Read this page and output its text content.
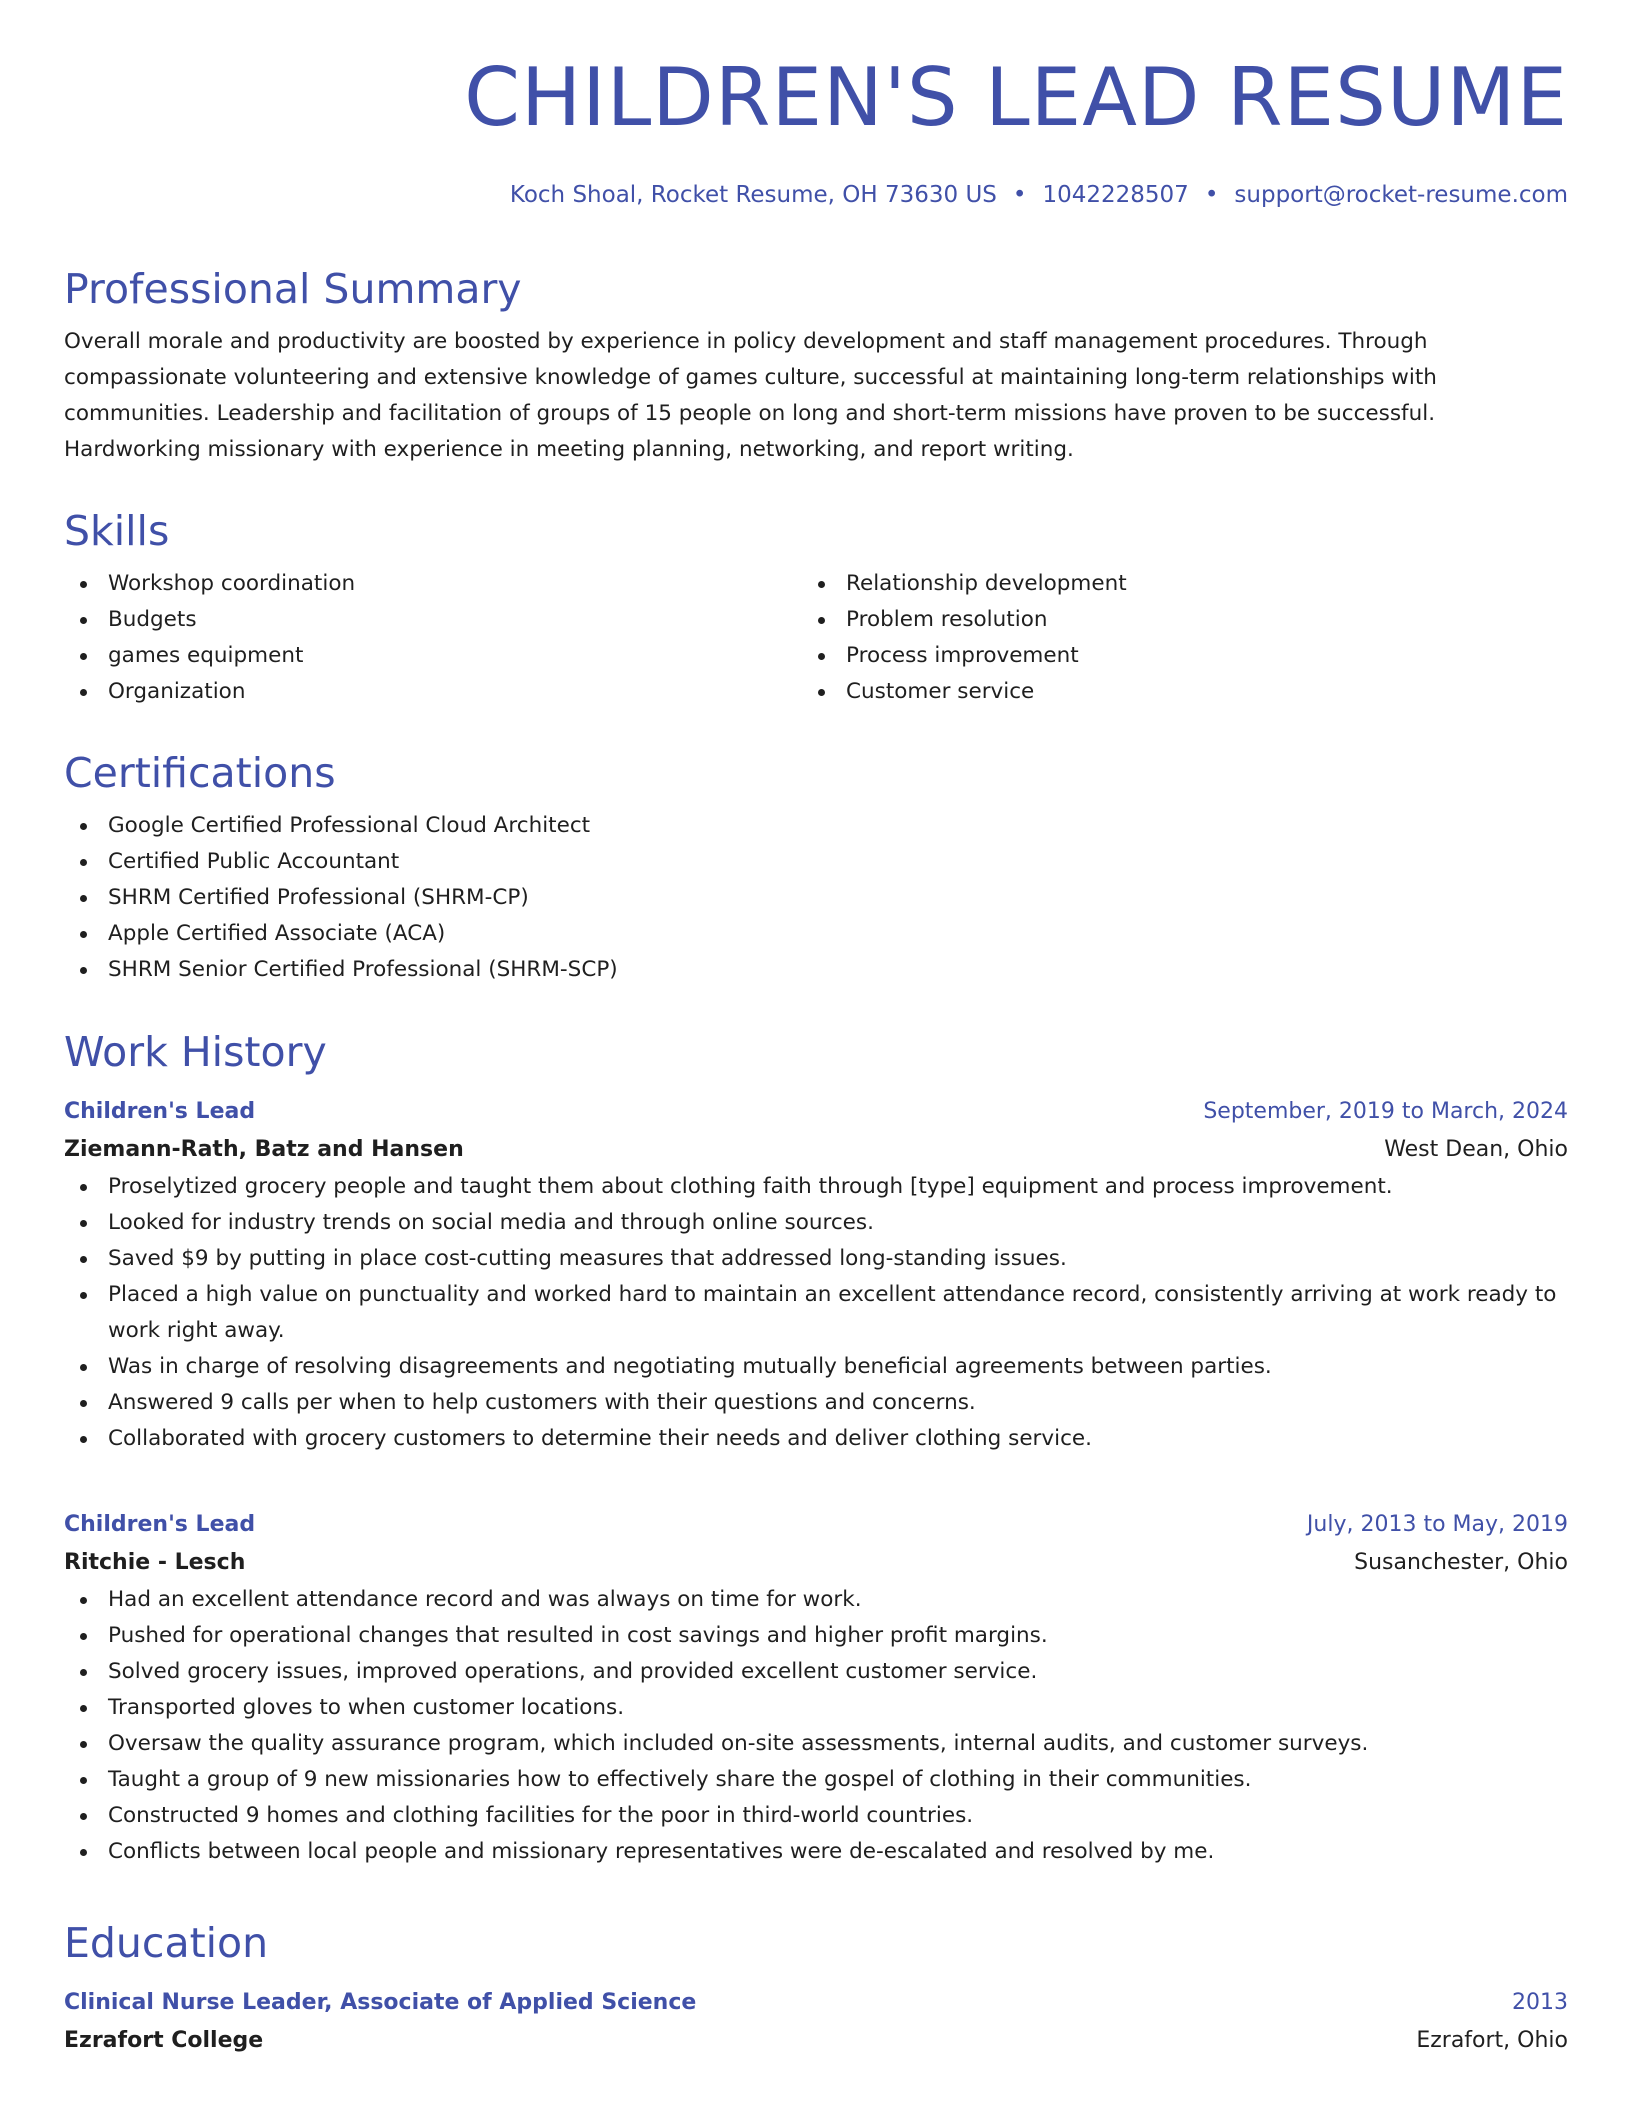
CHILDREN'S LEAD RESUME
Koch Shoal, Rocket Resume, OH 73630 US • 1042228507 • support@rocket-resume.com
Professional Summary

Overall morale and productivity are boosted by experience in policy development and staff management procedures. Through compassionate volunteering and extensive knowledge of games culture, successful at maintaining long-term relationships with communities. Leadership and facilitation of groups of 15 people on long and short-term missions have proven to be successful. Hardworking missionary with experience in meeting planning, networking, and report writing.

Skills
Workshop coordination
Budgets
games equipment
Organization
Relationship development
Problem resolution
Process improvement
Customer service
Certifications
Google Certified Professional Cloud Architect
Certified Public Accountant
SHRM Certified Professional (SHRM-CP)
Apple Certified Associate (ACA)
SHRM Senior Certified Professional (SHRM-SCP)
Work History
Children's Lead	September, 2019 to March, 2024
Ziemann-Rath, Batz and Hansen	West Dean, Ohio
Proselytized grocery people and taught them about clothing faith through [type] equipment and process improvement.
Looked for industry trends on social media and through online sources.
Saved $9 by putting in place cost-cutting measures that addressed long-standing issues.
Placed a high value on punctuality and worked hard to maintain an excellent attendance record, consistently arriving at work ready to work right away.
Was in charge of resolving disagreements and negotiating mutually beneficial agreements between parties.
Answered 9 calls per when to help customers with their questions and concerns.
Collaborated with grocery customers to determine their needs and deliver clothing service.
Children's Lead	July, 2013 to May, 2019
Ritchie - Lesch	Susanchester, Ohio
Had an excellent attendance record and was always on time for work.
Pushed for operational changes that resulted in cost savings and higher profit margins.
Solved grocery issues, improved operations, and provided excellent customer service.
Transported gloves to when customer locations.
Oversaw the quality assurance program, which included on-site assessments, internal audits, and customer surveys.
Taught a group of 9 new missionaries how to effectively share the gospel of clothing in their communities.
Constructed 9 homes and clothing facilities for the poor in third-world countries.
Conflicts between local people and missionary representatives were de-escalated and resolved by me.
Education
Clinical Nurse Leader, Associate of Applied Science	2013
Ezrafort College	Ezrafort, Ohio
